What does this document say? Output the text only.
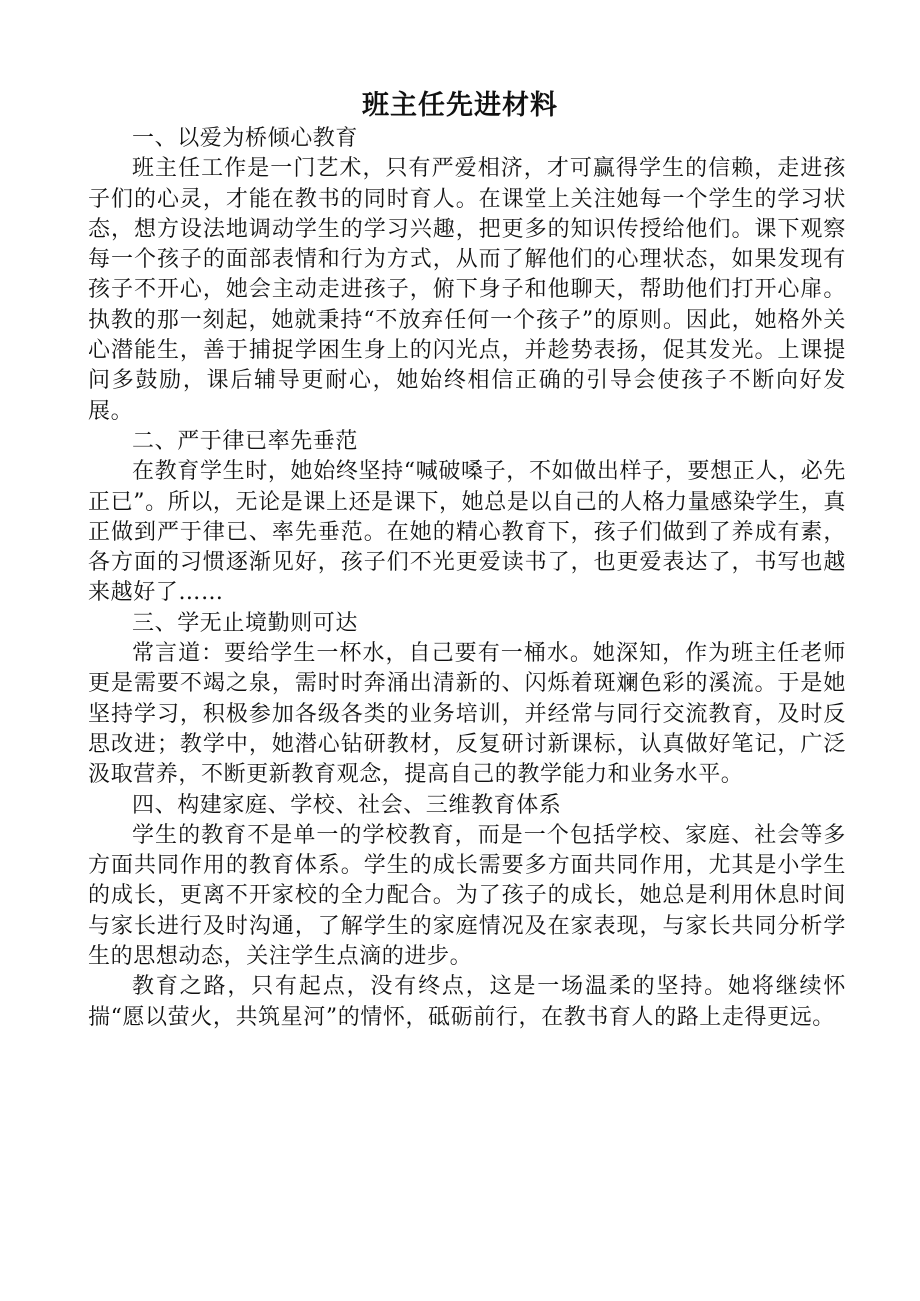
班主任先进材料

一、以爱为桥倾心教育

班主任工作是一门艺术，只有严爱相济，才可赢得学生的信赖，走进孩子们的心灵，才能在教书的同时育人。在课堂上关注她每一个学生的学习状态，想方设法地调动学生的学习兴趣，把更多的知识传授给他们。课下观察每一个孩子的面部表情和行为方式，从而了解他们的心理状态，如果发现有孩子不开心，她会主动走进孩子，俯下身子和他聊天，帮助他们打开心扉。执教的那一刻起，她就秉持“不放弃任何一个孩子”的原则。因此，她格外关心潜能生，善于捕捉学困生身上的闪光点，并趁势表扬，促其发光。上课提问多鼓励，课后辅导更耐心，她始终相信正确的引导会使孩子不断向好发展。

二、严于律已率先垂范

在教育学生时，她始终坚持“喊破嗓子，不如做出样子，要想正人，必先正已”。所以，无论是课上还是课下，她总是以自己的人格力量感染学生，真正做到严于律已、率先垂范。在她的精心教育下，孩子们做到了养成有素，各方面的习惯逐渐见好，孩子们不光更爱读书了，也更爱表达了，书写也越来越好了……

三、学无止境勤则可达

常言道：要给学生一杯水，自己要有一桶水。她深知，作为班主任老师更是需要不竭之泉，需时时奔涌出清新的、闪烁着斑斓色彩的溪流。于是她坚持学习，积极参加各级各类的业务培训，并经常与同行交流教育，及时反思改进；教学中，她潜心钻研教材，反复研讨新课标，认真做好笔记，广泛汲取营养，不断更新教育观念，提高自己的教学能力和业务水平。

四、构建家庭、学校、社会、三维教育体系

学生的教育不是单一的学校教育，而是一个包括学校、家庭、社会等多方面共同作用的教育体系。学生的成长需要多方面共同作用，尤其是小学生的成长，更离不开家校的全力配合。为了孩子的成长，她总是利用休息时间与家长进行及时沟通，了解学生的家庭情况及在家表现，与家长共同分析学生的思想动态，关注学生点滴的进步。

教育之路，只有起点，没有终点，这是一场温柔的坚持。她将继续怀揣“愿以萤火，共筑星河”的情怀，砥砺前行，在教书育人的路上走得更远。
